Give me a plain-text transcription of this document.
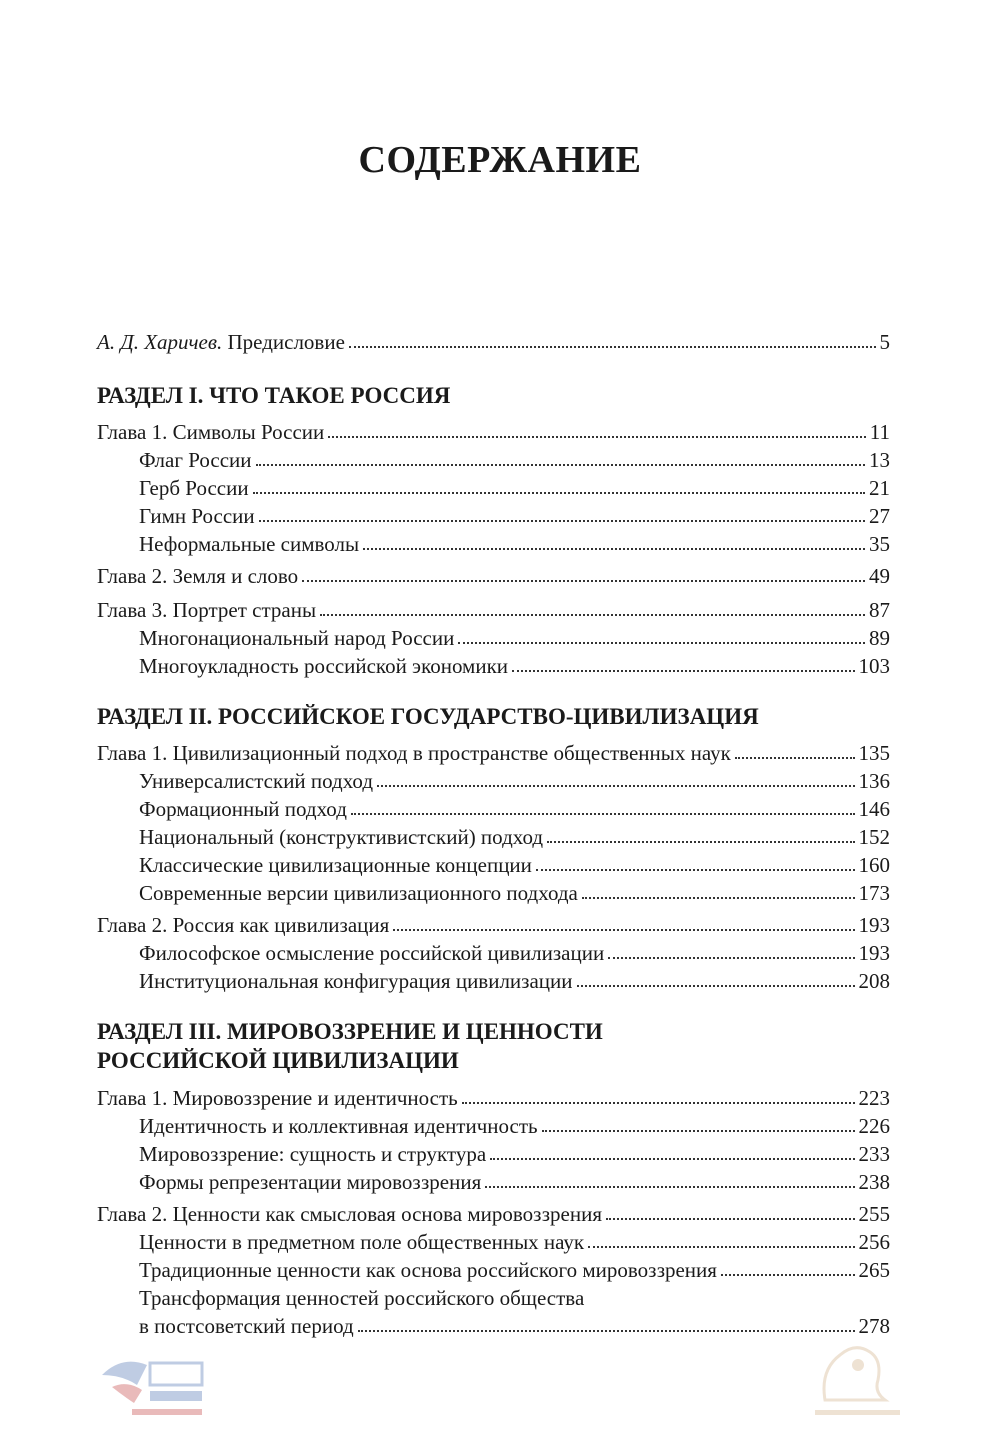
СОДЕРЖАНИЕ
А. Д. Харичев. Предисловие	5
РАЗДЕЛ I. ЧТО ТАКОЕ РОССИЯ
Глава 1. Символы России	11
Флаг России	13
Герб России	21
Гимн России	27
Неформальные символы	35
Глава 2. Земля и слово	49
Глава 3. Портрет страны	87
Многонациональный народ России	89
Многоукладность российской экономики	103
РАЗДЕЛ II. РОССИЙСКОЕ ГОСУДАРСТВО-ЦИВИЛИЗАЦИЯ
Глава 1. Цивилизационный подход в пространстве общественных наук	135
Универсалистский подход	136
Формационный подход	146
Национальный (конструктивистский) подход	152
Классические цивилизационные концепции	160
Современные версии цивилизационного подхода	173
Глава 2. Россия как цивилизация	193
Философское осмысление российской цивилизации	193
Институциональная конфигурация цивилизации	208
РАЗДЕЛ III. МИРОВОЗЗРЕНИЕ И ЦЕННОСТИ
РОССИЙСКОЙ ЦИВИЛИЗАЦИИ
Глава 1. Мировоззрение и идентичность	223
Идентичность и коллективная идентичность	226
Мировоззрение: сущность и структура	233
Формы репрезентации мировоззрения	238
Глава 2. Ценности как смысловая основа мировоззрения	255
Ценности в предметном поле общественных наук	256
Традиционные ценности как основа российского мировоззрения	265
Трансформация ценностей российского общества
в постсоветский период	278
